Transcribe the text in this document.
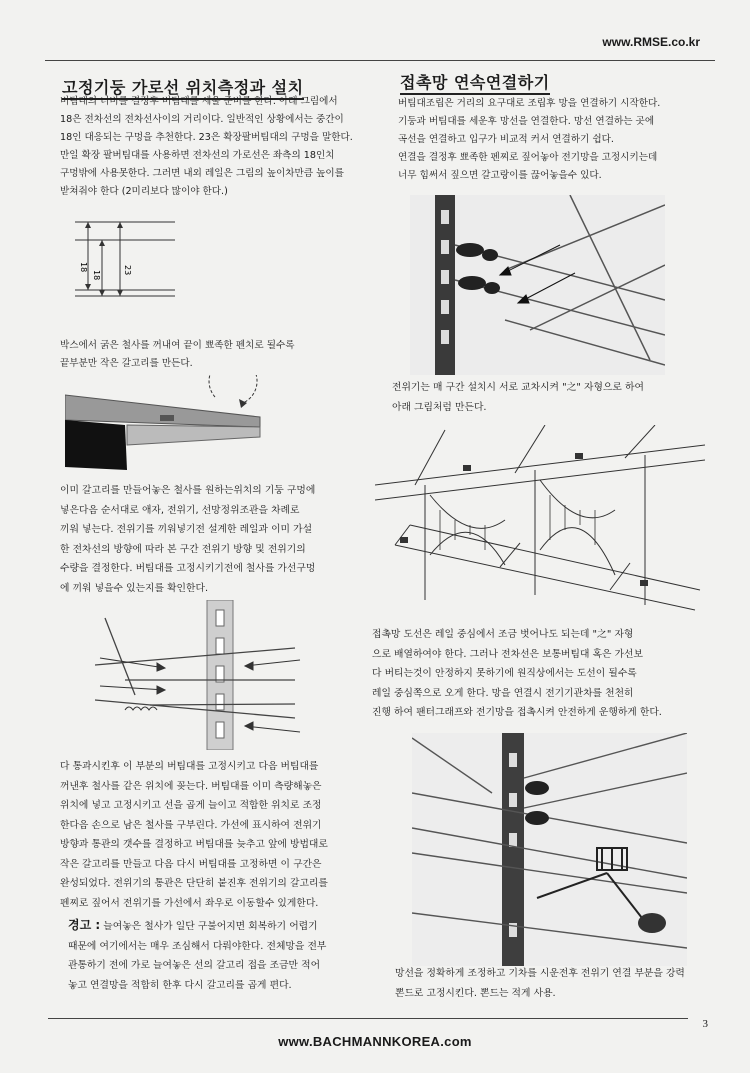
www.RMSE.co.kr
고정기둥 가로선 위치측정과 설치

버팀대의 너비를 결정후 버팀대를 세울 준비를 한다. 아래 그림에서

18은 전차선의 전차선사이의 거리이다. 일반적인 상황에서는 중간이

18인 대응되는 구멍을 추천한다. 23은 확장팔버팀대의 구멍을 말한다.

만일 확장 팔버팀대를 사용하면 전차선의 가로선은 좌측의 18인치

구멍밖에 사용못한다. 그러면 내외 레일은 그림의 높이차만큼 높이를

받쳐줘야 한다 (2미리보다 많이야 한다.)

18
18	23

박스에서 굵은 철사를 꺼내여 끝이 뾰족한 펜치로 될수록

끝부분만 작은 갈고리를 만든다.

이미 갈고리를 만들어놓은 철사를 원하는위치의 기둥 구멍에

넣은다음 순서대로 애자, 전위기, 선망정위조관을 차례로

끼워 넣는다. 전위기를 끼워넣기전 설계한 레일과 이미 가설

한 전차선의 방향에 따라 본 구간 전위기 방향 및 전위기의

수량을 결정한다. 버팀대를 고정시키기전에 철사를 가선구멍

에 끼워 넣을수 있는지를 확인한다.

다 통과시킨후 이 부분의 버팀대를 고정시키고 다음 버팀대를

꺼낸후 철사를 같은 위치에 꽂는다. 버팀대를 이미 측량해놓은

위치에 넣고 고정시키고 선을 곱게 늘이고 적합한 위치로 조정

한다음 손으로 남은 철사를 구부린다. 가선에 표시하여 전위기

방향과 통관의 갯수를 결정하고 버팀대를 늦추고 앞에 방법대로

작은 갈고리를 만들고 다음 다시 버팀대를 고정하면 이 구간은

완성되었다. 전위기의 통관은 단단히 붙진후 전위기의 갈고리를

펜찌로 짚어서 전위기를 가선에서 좌우로 이동할수 있게한다.

경고 : 늘여놓은 철사가 일단 구불어지면 회복하기 어렵기

때문에 여기에서는 매우 조심해서 다뤄야한다. 전체망을 전부

관통하기 전에 가로 늘여놓은 선의 갈고리 접을 조금만 적어

놓고 연결망을 적합히 한후 다시 갈고리를 곱게 편다.

접촉망 연속연결하기

버팀대조립은 거리의 요구대로 조립후 망을 연결하기 시작한다.

기둥과 버팀대를 세운후 망선을 연결한다. 망선 연결하는 곳에

곡선을 연결하고 입구가 비교적 커서 연결하기 쉽다.

연결을 결정후 뾰족한 펜찌로 짚어놓아 전기망을 고정시키는데

너무 힘써서 짚으면 갈고랑이를 끊어놓을수 있다.

전위기는 매 구간 설치시 서로 교차시켜 "之" 자형으로 하여

아래 그림처럼 만든다.

접촉망 도선은 레일 중심에서 조금 벗어나도 되는데 "之" 자형

으로 배열하여야 한다. 그러나 전차선은 보통버팀대 혹은 가선보

다 버티는것이 안정하지 못하기에 원직상에서는 도선이 될수록

레일 중심쪽으로 오게 한다. 망을 연결시 전기기관차를 천천히

진행 하여 팬터그래프와 전기망을 접촉시켜 안전하게 운행하게 한다.

망선을 정확하게 조정하고 기차를 시운전후 전위기 연결 부분을 강력 뽄드로 고정시킨다. 뽄드는 적게 사용.
3
www.BACHMANNKOREA.com
